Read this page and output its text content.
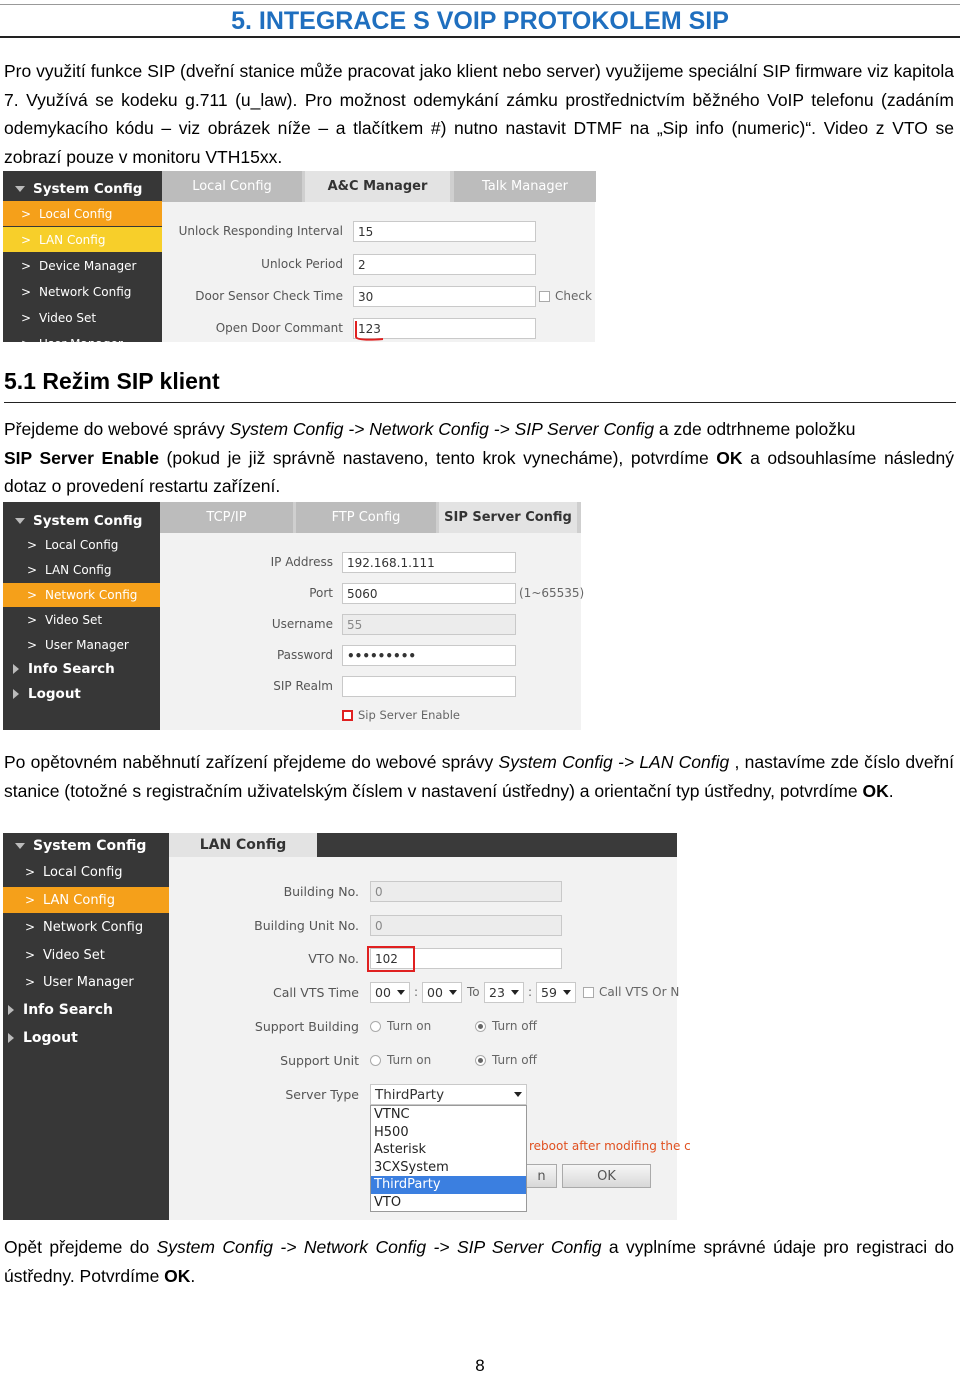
5. INTEGRACE S VOIP PROTOKOLEM SIP
Pro využití funkce SIP (dveřní stanice může pracovat jako klient nebo server) využijeme speciální SIP firmware viz kapitola 7. Využívá se kodeku g.711 (u_law). Pro možnost odemykání zámku prostřednictvím běžného VoIP telefonu (zadáním odemykacího kódu – viz obrázek níže – a tlačítkem #) nutno nastavit DTMF na „Sip info (numeric)“. Video z VTO se zobrazí pouze v monitoru VTH15xx.
System Config
> Local Config
> LAN Config
> Device Manager
> Network Config
> Video Set
> User Manager
Local Config	A&C Manager	Talk Manager
Unlock Responding Interval	15
Unlock Period	2
Door Sensor Check Time	30	Check
Open Door Commant	123
5.1 Režim SIP klient
Přejdeme do webové správy System Config -> Network Config -> SIP Server Config a zde odtrhneme položku
SIP Server Enable (pokud je již správně nastaveno, tento krok vynecháme), potvrdíme OK a odsouhlasíme následný dotaz o provedení restartu zařízení.
System Config
> Local Config
> LAN Config
> Network Config
> Video Set
> User Manager
Info Search
Logout
TCP/IP	FTP Config	SIP Server Config
IP Address	192.168.1.111
Port	5060	(1~65535)
Username	55
Password	•••••••••
SIP Realm
Sip Server Enable
Po opětovném naběhnutí zařízení přejdeme do webové správy System Config -> LAN Config , nastavíme zde číslo dveřní stanice (totožné s registračním uživatelským číslem v nastavení ústředny) a orientační typ ústředny, potvrdíme OK.
System Config
> Local Config
> LAN Config
> Network Config
> Video Set
> User Manager
Info Search
Logout
LAN Config
Building No.	0
Building Unit No.	0
VTO No.	102
Call VTS Time 00 : 00 To 23 : 59	Call VTS Or N
Support Building	Turn on	Turn off
Support Unit	Turn on	Turn off
Server Type ThirdParty
VTNC
H500
Asterisk
3CXSystem
ThirdParty
VTO
reboot after modifing the c
n	OK
Opět přejdeme do System Config -> Network Config -> SIP Server Config a vyplníme správné údaje pro registraci do ústředny. Potvrdíme OK.
8
